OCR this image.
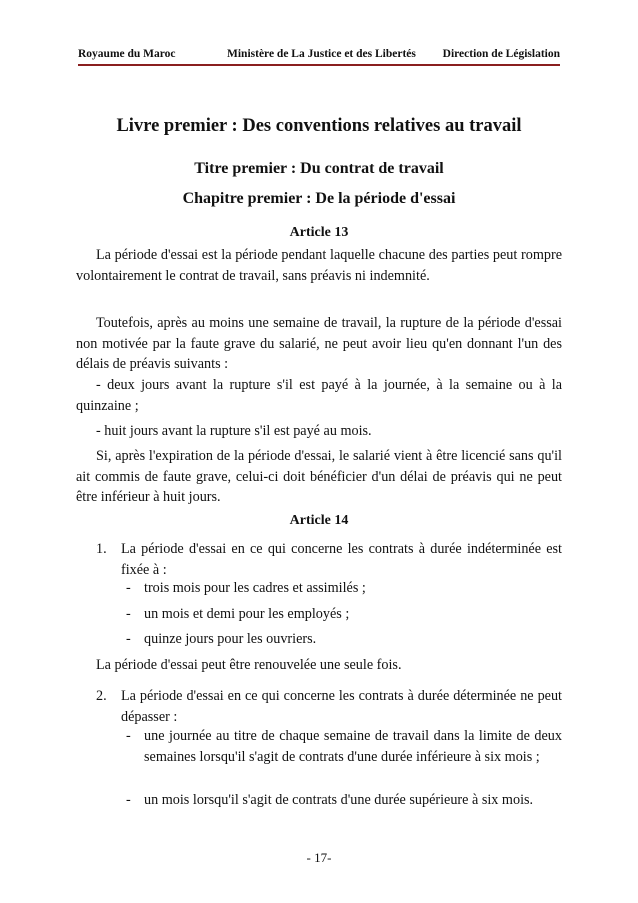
Royaume du Maroc	Ministère de La Justice et des Libertés Direction de Législation
Livre premier : Des conventions relatives au travail
Titre premier : Du contrat de travail
Chapitre premier : De la période d'essai
Article 13

La période d'essai est la période pendant laquelle chacune des parties peut rompre volontairement le contrat de travail, sans préavis ni indemnité.

Toutefois, après au moins une semaine de travail, la rupture de la période d'essai non motivée par la faute grave du salarié, ne peut avoir lieu qu'en donnant l'un des délais de préavis suivants :

- deux jours avant la rupture s'il est payé à la journée, à la semaine ou à la quinzaine ;

- huit jours avant la rupture s'il est payé au mois.

Si, après l'expiration de la période d'essai, le salarié vient à être licencié sans qu'il ait commis de faute grave, celui-ci doit bénéficier d'un délai de préavis qui ne peut être inférieur à huit jours.

Article 14
1. La période d'essai en ce qui concerne les contrats à durée indéterminée est fixée à :
- trois mois pour les cadres et assimilés ;
- un mois et demi pour les employés ;
- quinze jours pour les ouvriers.

La période d'essai peut être renouvelée une seule fois.

2. La période d'essai en ce qui concerne les contrats à durée déterminée ne peut dépasser :
- une journée au titre de chaque semaine de travail dans la limite de deux semaines lorsqu'il s'agit de contrats d'une durée inférieure à six mois ;
- un mois lorsqu'il s'agit de contrats d'une durée supérieure à six mois.
- 17-
